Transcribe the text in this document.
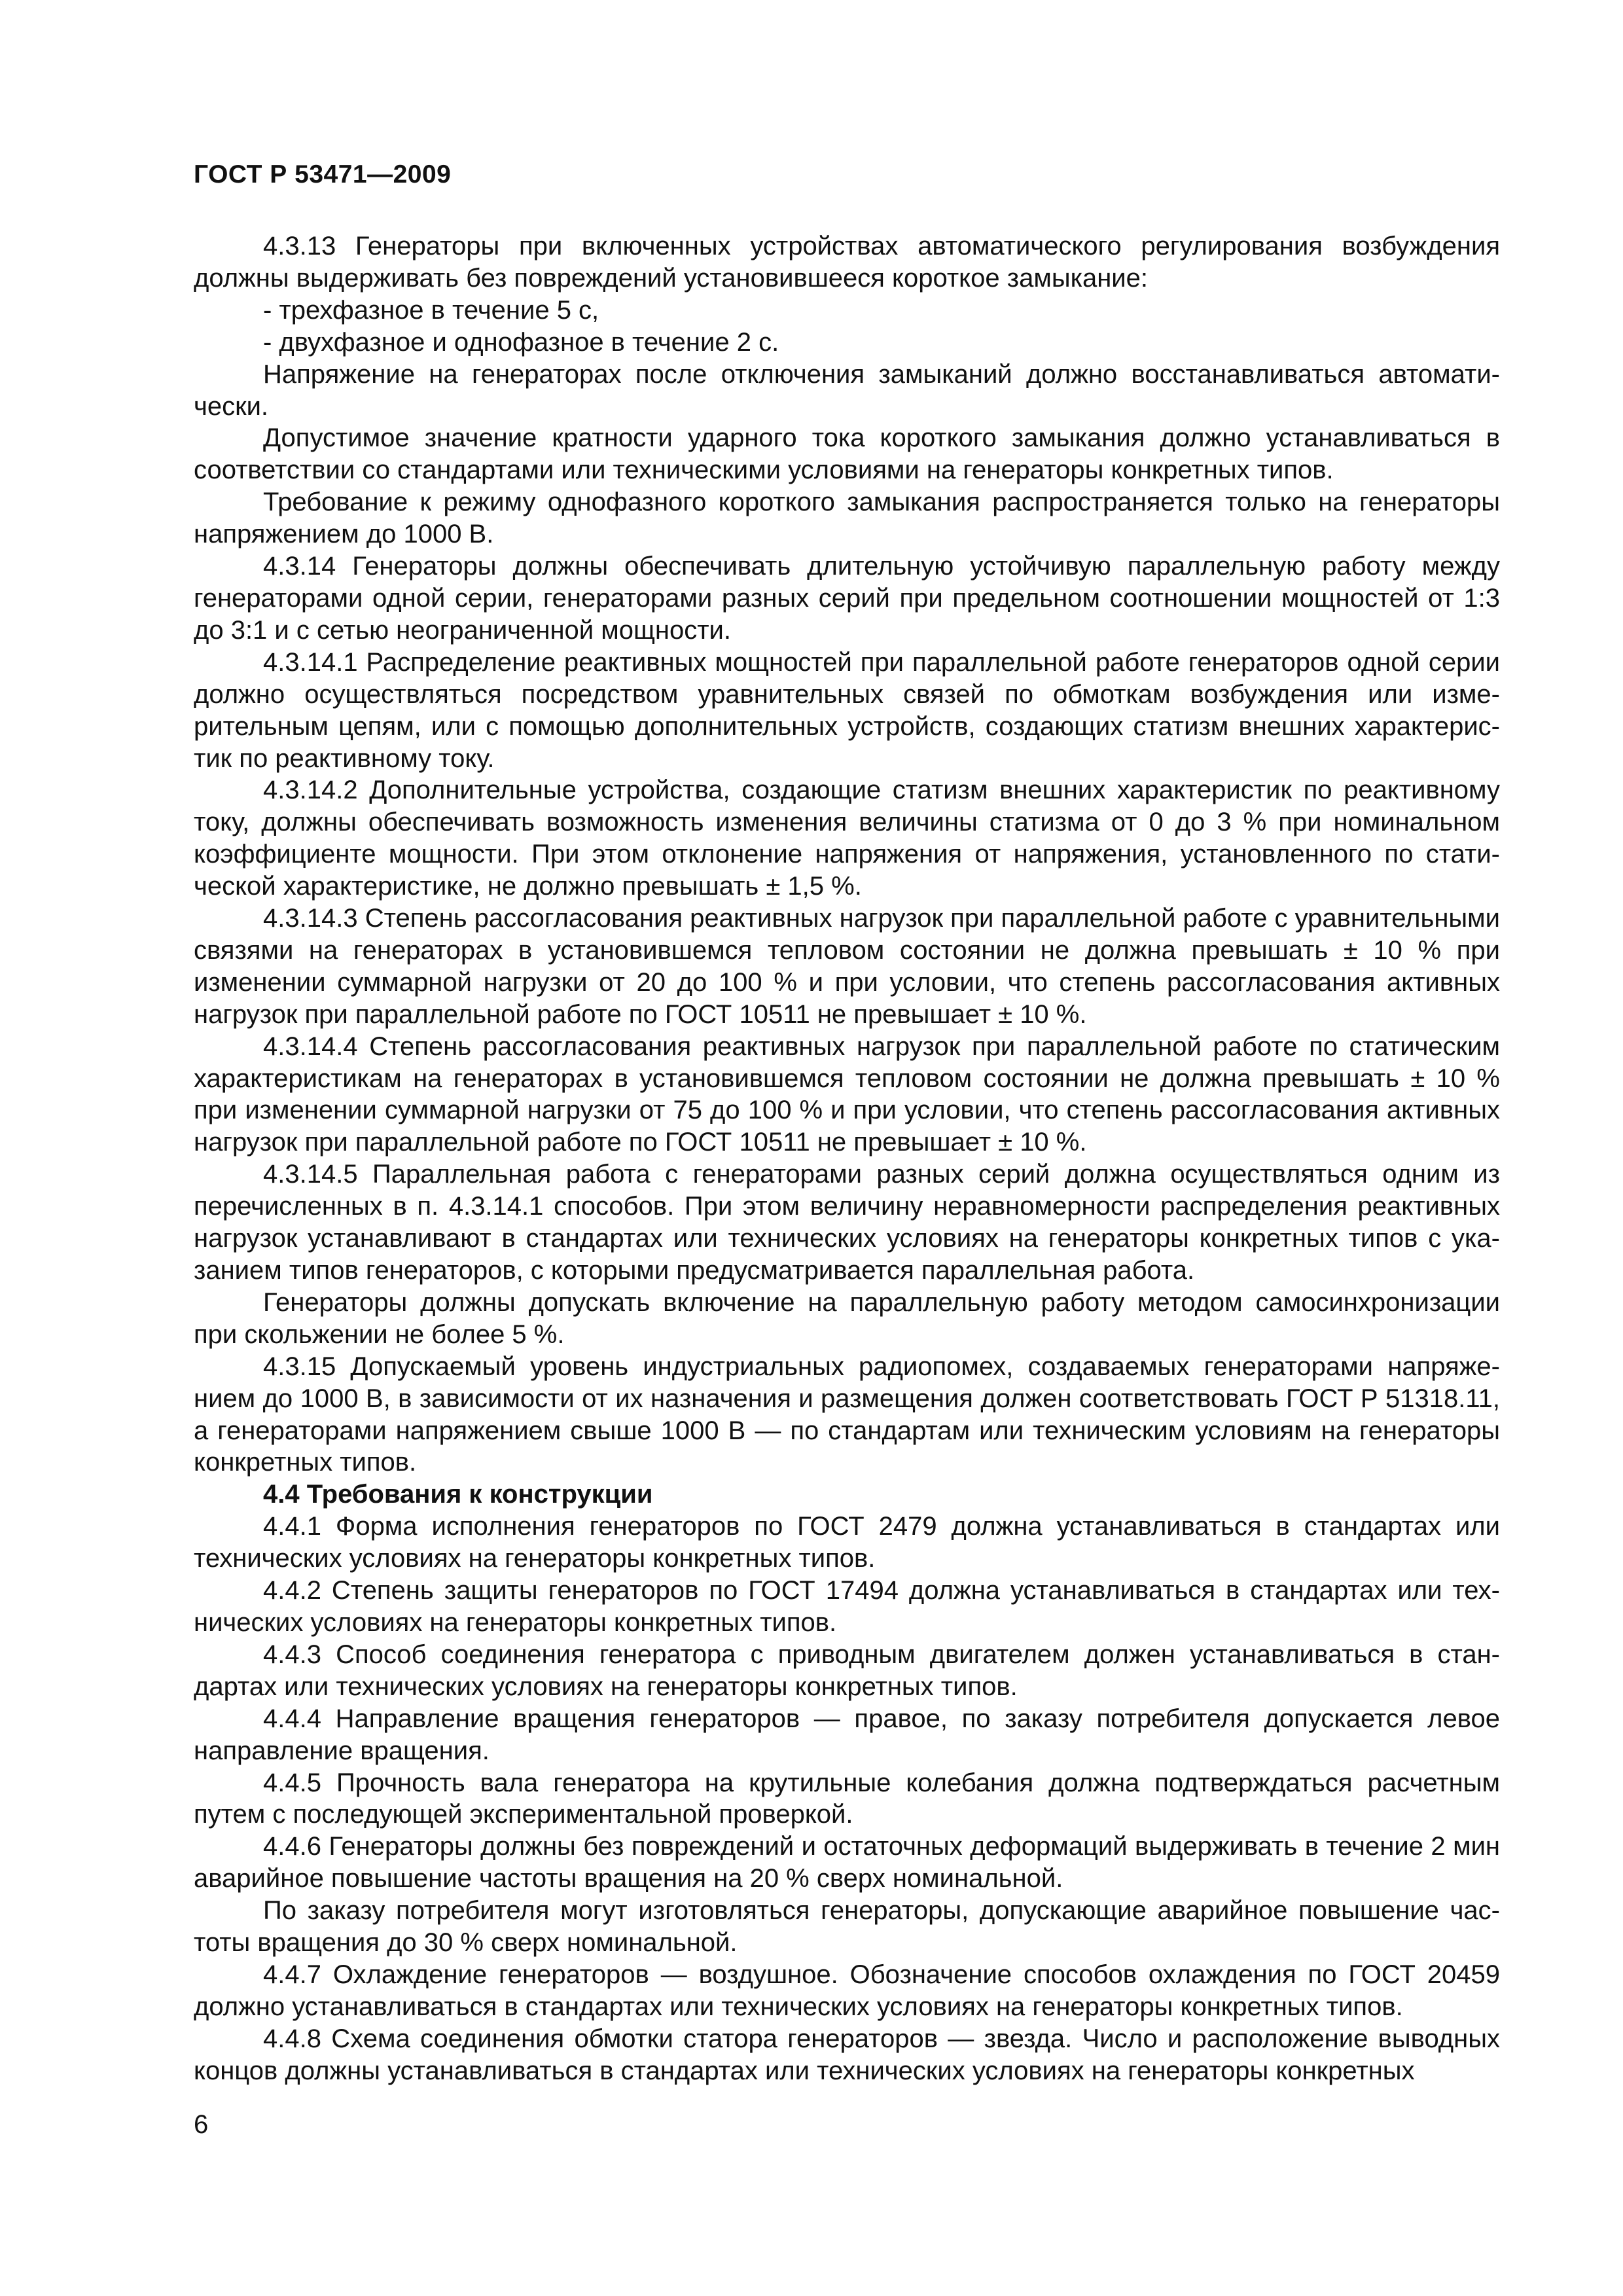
ГОСТ Р 53471—2009

4.3.13 Генераторы при включенных устройствах автоматического регулирования возбуждения должны выдерживать без повреждений установившееся короткое замыкание:

- трехфазное в течение 5 с,

- двухфазное и однофазное в течение 2 с.

Напряжение на генераторах после отключения замыканий должно восстанавливаться автоматически.

Допустимое значение кратности ударного тока короткого замыкания должно устанавливаться в соответствии со стандартами или техническими условиями на генераторы конкретных типов.

Требование к режиму однофазного короткого замыкания распространяется только на генераторы напряжением до 1000 В.

4.3.14 Генераторы должны обеспечивать длительную устойчивую параллельную работу между генераторами одной серии, генераторами разных серий при предельном соотношении мощностей от 1:3 до 3:1 и с сетью неограниченной мощности.

4.3.14.1 Распределение реактивных мощностей при параллельной работе генераторов одной серии должно осуществляться посредством уравнительных связей по обмоткам возбуждения или измерительным цепям, или с помощью дополнительных устройств, создающих статизм внешних характеристик по реактивному току.

4.3.14.2 Дополнительные устройства, создающие статизм внешних характеристик по реактивному току, должны обеспечивать возможность изменения величины статизма от 0 до 3 % при номинальном коэффициенте мощности. При этом отклонение напряжения от напряжения, установленного по статической характеристике, не должно превышать ± 1,5 %.

4.3.14.3 Степень рассогласования реактивных нагрузок при параллельной работе с уравнительными связями на генераторах в установившемся тепловом состоянии не должна превышать ± 10 % при изменении суммарной нагрузки от 20 до 100 % и при условии, что степень рассогласования активных нагрузок при параллельной работе по ГОСТ 10511 не превышает ± 10 %.

4.3.14.4 Степень рассогласования реактивных нагрузок при параллельной работе по статическим характеристикам на генераторах в установившемся тепловом состоянии не должна превышать ± 10 % при изменении суммарной нагрузки от 75 до 100 % и при условии, что степень рассогласования активных нагрузок при параллельной работе по ГОСТ 10511 не превышает ± 10 %.

4.3.14.5 Параллельная работа с генераторами разных серий должна осуществляться одним из перечисленных в п. 4.3.14.1 способов. При этом величину неравномерности распределения реактивных нагрузок устанавливают в стандартах или технических условиях на генераторы конкретных типов с указанием типов генераторов, с которыми предусматривается параллельная работа.

Генераторы должны допускать включение на параллельную работу методом самосинхронизации при скольжении не более 5 %.

4.3.15 Допускаемый уровень индустриальных радиопомех, создаваемых генераторами напряжением до 1000 В, в зависимости от их назначения и размещения должен соответствовать ГОСТ Р 51318.11, а генераторами напряжением свыше 1000 В — по стандартам или техническим условиям на генераторы конкретных типов.

4.4 Требования к конструкции

4.4.1 Форма исполнения генераторов по ГОСТ 2479 должна устанавливаться в стандартах или технических условиях на генераторы конкретных типов.

4.4.2 Степень защиты генераторов по ГОСТ 17494 должна устанавливаться в стандартах или технических условиях на генераторы конкретных типов.

4.4.3 Способ соединения генератора с приводным двигателем должен устанавливаться в стандартах или технических условиях на генераторы конкретных типов.

4.4.4 Направление вращения генераторов — правое, по заказу потребителя допускается левое направление вращения.

4.4.5 Прочность вала генератора на крутильные колебания должна подтверждаться расчетным путем с последующей экспериментальной проверкой.

4.4.6 Генераторы должны без повреждений и остаточных деформаций выдерживать в течение 2 мин аварийное повышение частоты вращения на 20 % сверх номинальной.

По заказу потребителя могут изготовляться генераторы, допускающие аварийное повышение частоты вращения до 30 % сверх номинальной.

4.4.7 Охлаждение генераторов — воздушное. Обозначение способов охлаждения по ГОСТ 20459 должно устанавливаться в стандартах или технических условиях на генераторы конкретных типов.

4.4.8 Схема соединения обмотки статора генераторов — звезда. Число и расположение выводных концов должны устанавливаться в стандартах или технических условиях на генераторы конкретных

6
